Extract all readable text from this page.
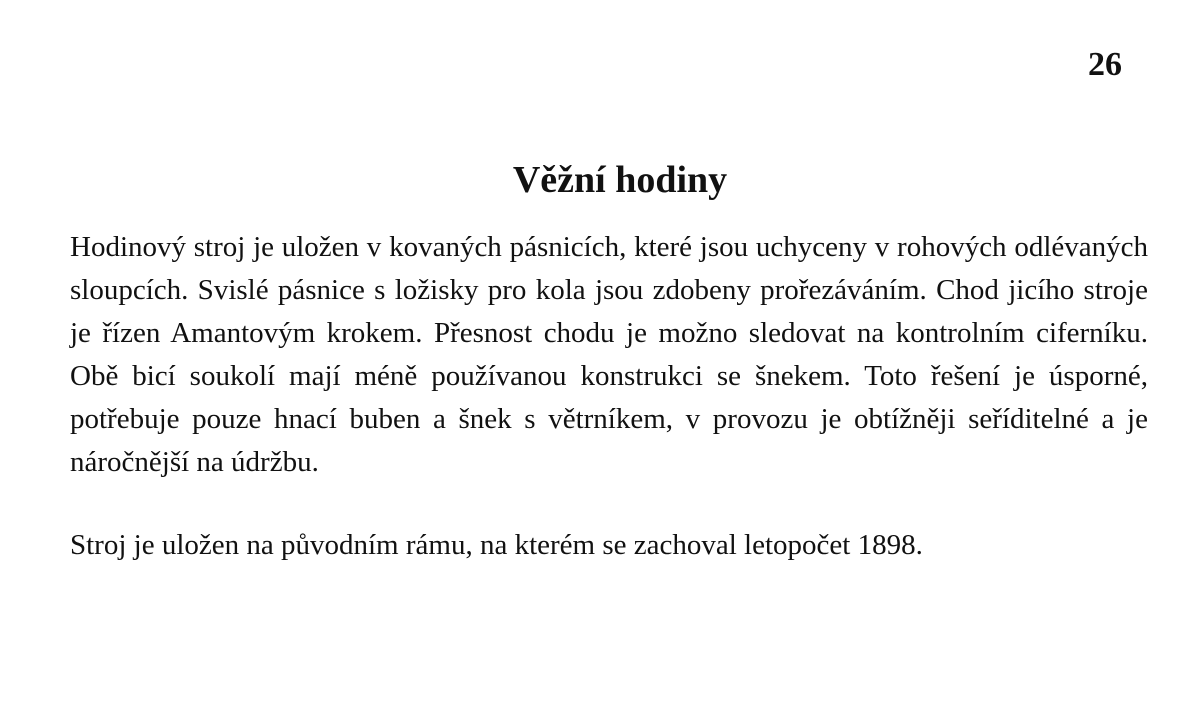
26
Věžní hodiny

Hodinový stroj je uložen v kovaných pásnicích, které jsou uchyceny v rohových odlévaných sloupcích. Svislé pásnice s ložisky pro kola jsou zdobeny prořezáváním. Chod jicího stroje je řízen Amantovým krokem. Přesnost chodu je možno sledovat na kontrolním ciferníku. Obě bicí soukolí mají méně používanou konstrukci se šnekem. Toto řešení je úsporné, potřebuje pouze hnací buben a šnek s větrníkem, v provozu je obtížněji seříditelné a je náročnější na údržbu.

Stroj je uložen na původním rámu, na kterém se zachoval letopočet 1898.
